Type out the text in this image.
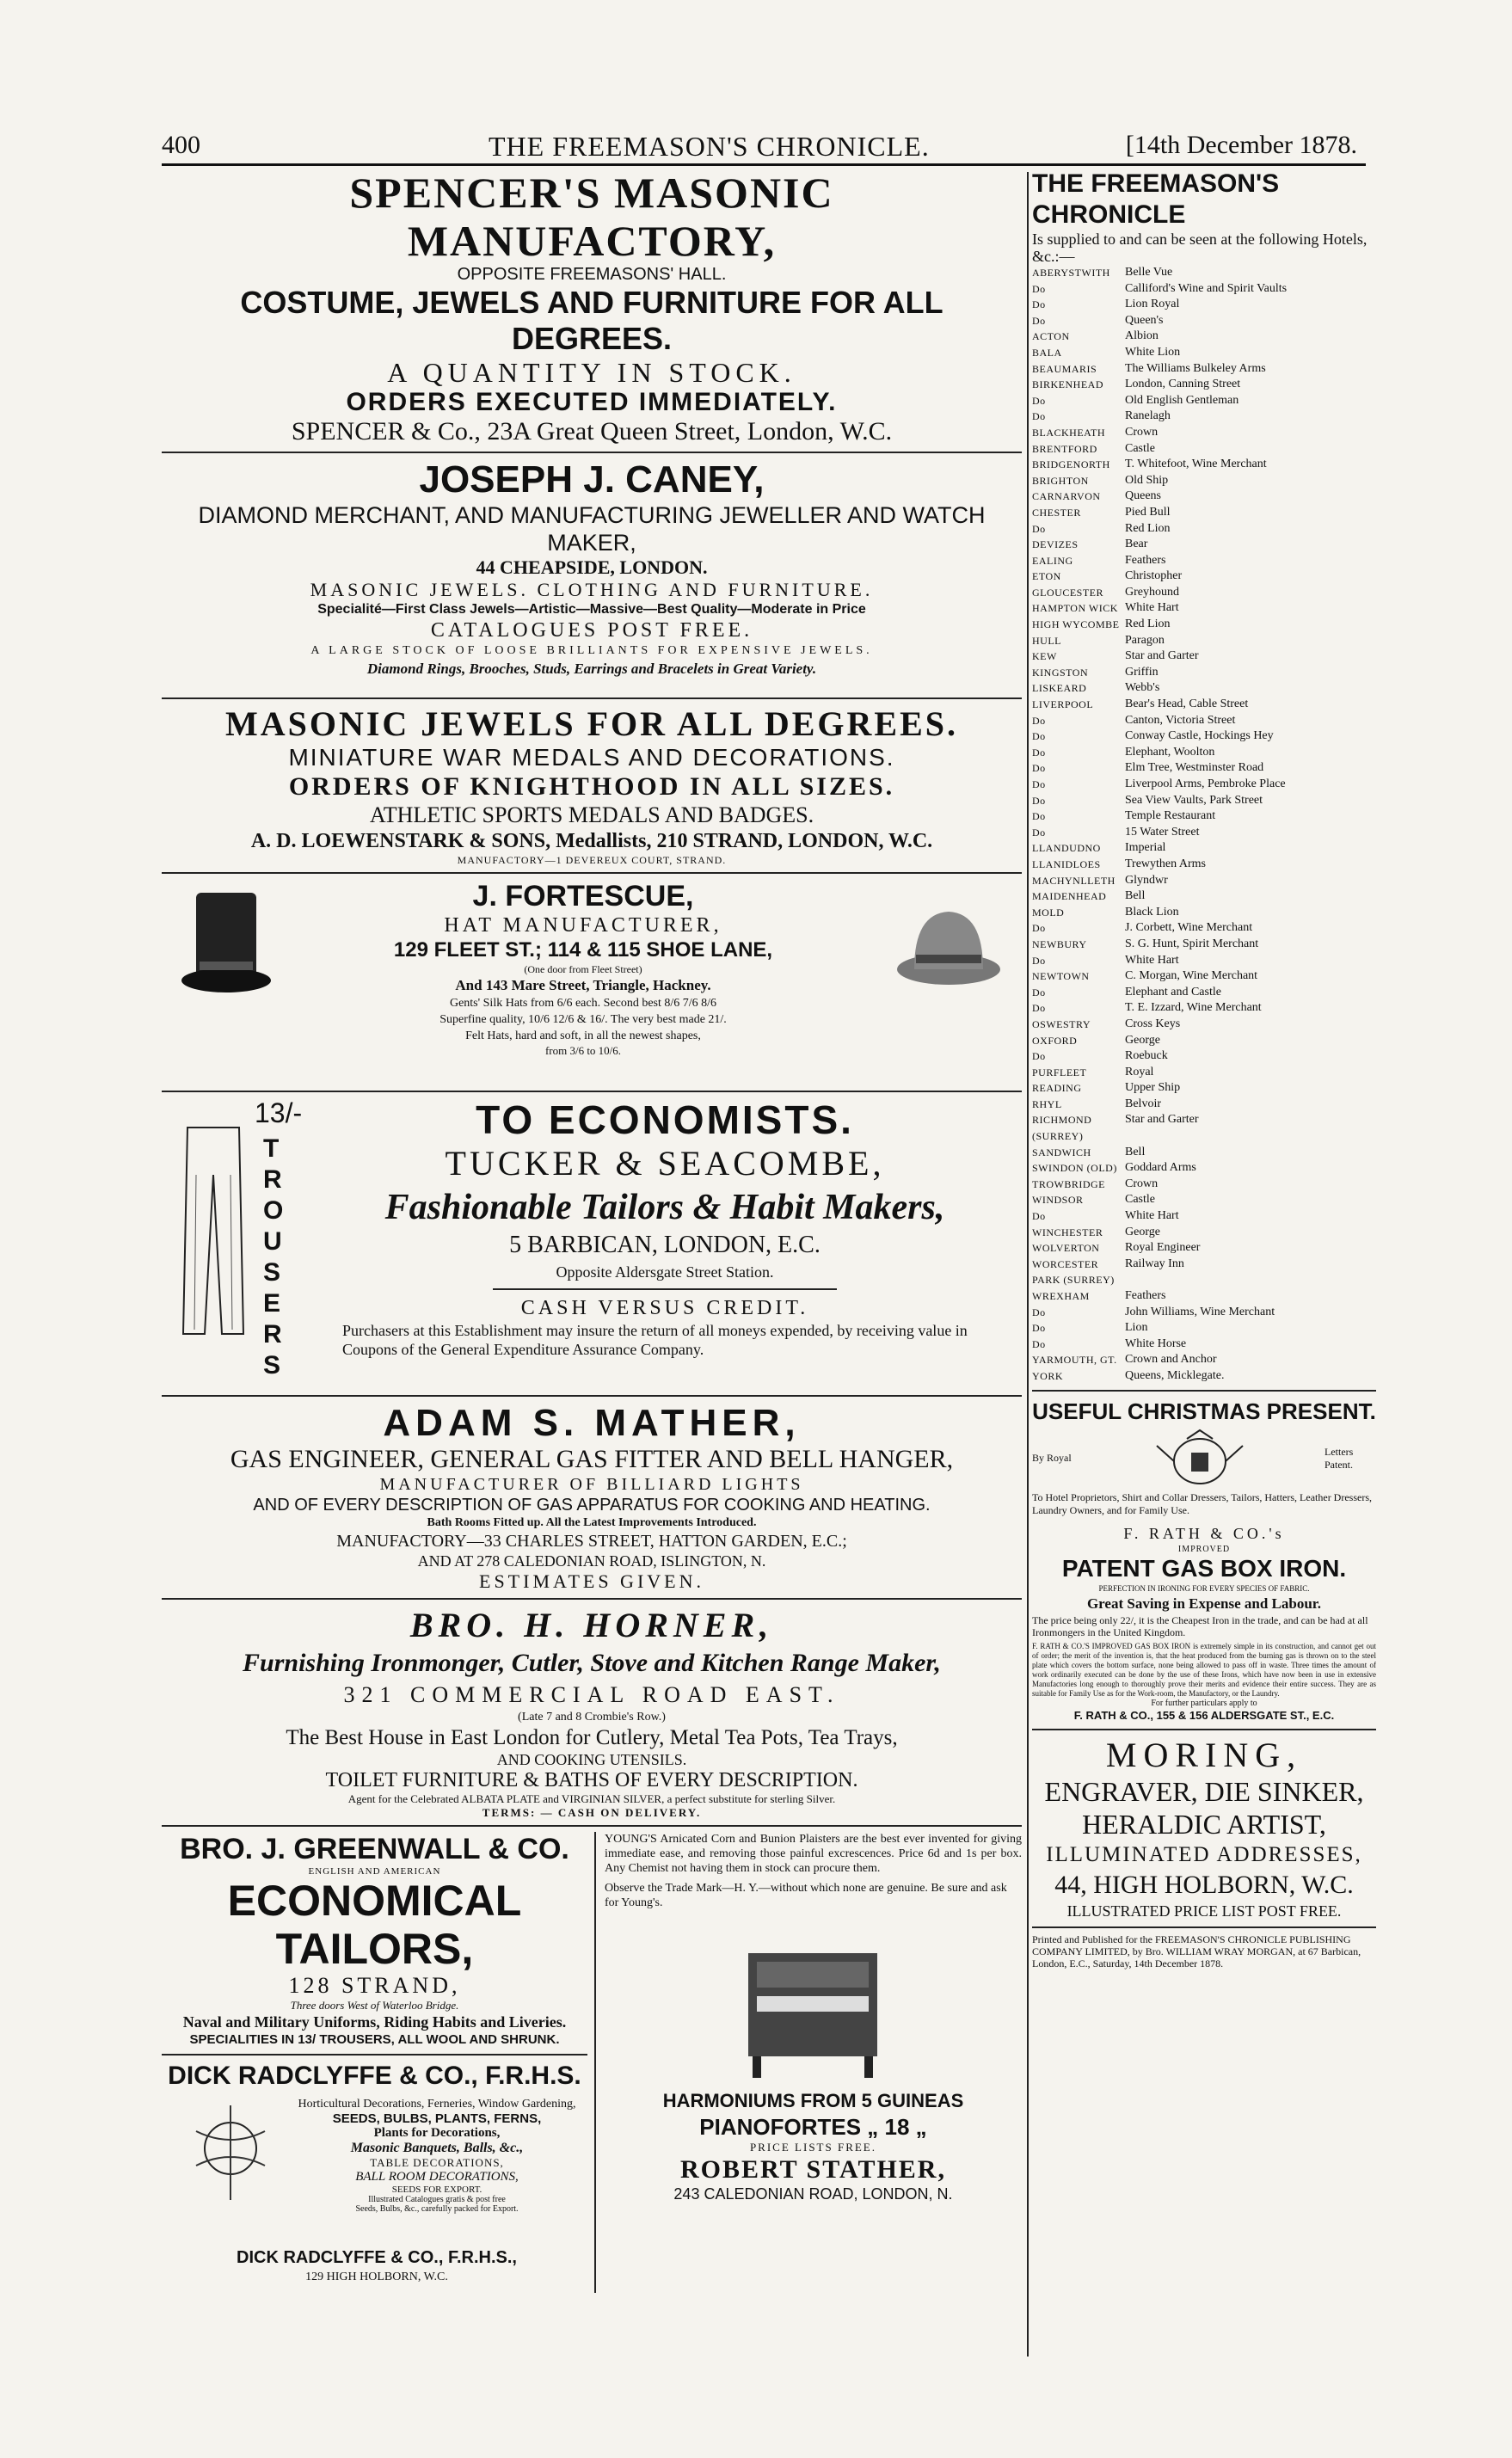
400	THE FREEMASON'S CHRONICLE.	[14th December 1878.

SPENCER'S MASONIC MANUFACTORY,

OPPOSITE FREEMASONS' HALL.

COSTUME, JEWELS AND FURNITURE FOR ALL DEGREES.

A QUANTITY IN STOCK.

ORDERS EXECUTED IMMEDIATELY.

SPENCER & Co., 23A Great Queen Street, London, W.C.

JOSEPH J. CANEY,

DIAMOND MERCHANT, AND MANUFACTURING JEWELLER AND WATCH MAKER,

44 CHEAPSIDE, LONDON.

MASONIC JEWELS. CLOTHING AND FURNITURE.

Specialité—First Class Jewels—Artistic—Massive—Best Quality—Moderate in Price

CATALOGUES POST FREE.

A LARGE STOCK OF LOOSE BRILLIANTS FOR EXPENSIVE JEWELS.

Diamond Rings, Brooches, Studs, Earrings and Bracelets in Great Variety.

MASONIC JEWELS FOR ALL DEGREES.

MINIATURE WAR MEDALS AND DECORATIONS.

ORDERS OF KNIGHTHOOD IN ALL SIZES.

ATHLETIC SPORTS MEDALS AND BADGES.

A. D. LOEWENSTARK & SONS, Medallists, 210 STRAND, LONDON, W.C.

MANUFACTORY—1 DEVEREUX COURT, STRAND.

J. FORTESCUE,

HAT MANUFACTURER,

129 FLEET ST.; 114 & 115 SHOE LANE,

(One door from Fleet Street)

And 143 Mare Street, Triangle, Hackney.

Gents' Silk Hats from 6/6 each. Second best 8/6 7/6 8/6

Superfine quality, 10/6 12/6 & 16/. The very best made 21/.

Felt Hats, hard and soft, in all the newest shapes,

from 3/6 to 10/6.

13/-

T
R
O
U
S
E
R
S

TO ECONOMISTS.

TUCKER & SEACOMBE,

Fashionable Tailors & Habit Makers,

5 BARBICAN, LONDON, E.C.

Opposite Aldersgate Street Station.

CASH VERSUS CREDIT.

Purchasers at this Establishment may insure the return of all moneys expended, by receiving value in Coupons of the General Expenditure Assurance Company.

ADAM S. MATHER,

GAS ENGINEER, GENERAL GAS FITTER AND BELL HANGER,

MANUFACTURER OF BILLIARD LIGHTS

AND OF EVERY DESCRIPTION OF GAS APPARATUS FOR COOKING AND HEATING.

Bath Rooms Fitted up. All the Latest Improvements Introduced.

MANUFACTORY—33 CHARLES STREET, HATTON GARDEN, E.C.;

AND AT 278 CALEDONIAN ROAD, ISLINGTON, N.

ESTIMATES GIVEN.

BRO. H. HORNER,

Furnishing Ironmonger, Cutler, Stove and Kitchen Range Maker,

321 COMMERCIAL ROAD EAST.

(Late 7 and 8 Crombie's Row.)

The Best House in East London for Cutlery, Metal Tea Pots, Tea Trays,

AND COOKING UTENSILS.

TOILET FURNITURE & BATHS OF EVERY DESCRIPTION.

Agent for the Celebrated ALBATA PLATE and VIRGINIAN SILVER, a perfect substitute for sterling Silver.

TERMS: — CASH ON DELIVERY.

BRO. J. GREENWALL & CO.

ENGLISH AND AMERICAN

ECONOMICAL TAILORS,

128 STRAND,

Three doors West of Waterloo Bridge.

Naval and Military Uniforms, Riding Habits and Liveries.

SPECIALITIES IN 13/ TROUSERS, ALL WOOL AND SHRUNK.

DICK RADCLYFFE & CO., F.R.H.S.

Horticultural Decorations, Ferneries, Window Gardening,

SEEDS, BULBS, PLANTS, FERNS,

Plants for Decorations,

Masonic Banquets, Balls, &c.,

TABLE DECORATIONS,

BALL ROOM DECORATIONS,

SEEDS FOR EXPORT.

Illustrated Catalogues gratis & post free

Seeds, Bulbs, &c., carefully packed for Export.

DICK RADCLYFFE & CO., F.R.H.S.,

129 HIGH HOLBORN, W.C.

YOUNG'S Arnicated Corn and Bunion Plaisters are the best ever invented for giving immediate ease, and removing those painful excrescences. Price 6d and 1s per box. Any Chemist not having them in stock can procure them.

Observe the Trade Mark—H. Y.—without which none are genuine. Be sure and ask for Young's.

HARMONIUMS FROM 5 GUINEAS

PIANOFORTES „ 18 „

PRICE LISTS FREE.

ROBERT STATHER,

243 CALEDONIAN ROAD, LONDON, N.

THE FREEMASON'S CHRONICLE

Is supplied to and can be seen at the following Hotels, &c.:—

ABERYSTWITH	Belle Vue
Do	Calliford's Wine and Spirit Vaults
Do	Lion Royal
Do	Queen's
ACTON	Albion
BALA	White Lion
BEAUMARIS	The Williams Bulkeley Arms
BIRKENHEAD	London, Canning Street
Do	Old English Gentleman
Do	Ranelagh
BLACKHEATH	Crown
BRENTFORD	Castle
BRIDGENORTH	T. Whitefoot, Wine Merchant
BRIGHTON	Old Ship
CARNARVON	Queens
CHESTER	Pied Bull
Do	Red Lion
DEVIZES	Bear
EALING	Feathers
ETON	Christopher
GLOUCESTER	Greyhound
HAMPTON WICK White Hart
HIGH WYCOMBE Red Lion
HULL	Paragon
KEW	Star and Garter
KINGSTON	Griffin
LISKEARD	Webb's
LIVERPOOL	Bear's Head, Cable Street
Do	Canton, Victoria Street
Do	Conway Castle, Hockings Hey
Do	Elephant, Woolton
Do	Elm Tree, Westminster Road
Do	Liverpool Arms, Pembroke Place
Do	Sea View Vaults, Park Street
Do	Temple Restaurant
Do	15 Water Street
LLANDUDNO	Imperial
LLANIDLOES	Trewythen Arms
MACHYNLLETH Glyndwr
MAIDENHEAD	Bell
MOLD	Black Lion
Do	J. Corbett, Wine Merchant
NEWBURY	S. G. Hunt, Spirit Merchant
Do	White Hart
NEWTOWN	C. Morgan, Wine Merchant
Do	Elephant and Castle
Do	T. E. Izzard, Wine Merchant
OSWESTRY	Cross Keys
OXFORD	George
Do	Roebuck
PURFLEET	Royal
READING	Upper Ship
RHYL	Belvoir
RICHMOND (SURREY)
Star and Garter
SANDWICH	Bell
SWINDON (OLD) Goddard Arms
TROWBRIDGE	Crown
WINDSOR	Castle
Do	White Hart
WINCHESTER	George
WOLVERTON	Royal Engineer
WORCESTER PARK (SURREY)
Railway Inn
WREXHAM	Feathers
Do	John Williams, Wine Merchant
Do	Lion
Do	White Horse
YARMOUTH, GT. Crown and Anchor
YORK	Queens, Micklegate.

USEFUL CHRISTMAS PRESENT.

By Royal

Letters Patent.

To Hotel Proprietors, Shirt and Collar Dressers, Tailors, Hatters, Leather Dressers, Laundry Owners, and for Family Use.

F. RATH & CO.'s

IMPROVED

PATENT GAS BOX IRON.

PERFECTION IN IRONING FOR EVERY SPECIES OF FABRIC.

Great Saving in Expense and Labour.

The price being only 22/, it is the Cheapest Iron in the trade, and can be had at all Ironmongers in the United Kingdom.

F. RATH & CO.'S IMPROVED GAS BOX IRON is extremely simple in its construction, and cannot get out of order; the merit of the invention is, that the heat produced from the burning gas is thrown on to the steel plate which covers the bottom surface, none being allowed to pass off in waste. Three times the amount of work ordinarily executed can be done by the use of these Irons, which have now been in use in extensive Manufactories long enough to thoroughly prove their merits and evidence their entire success. They are as suitable for Family Use as for the Work-room, the Manufactory, or the Laundry.

For further particulars apply to

F. RATH & CO., 155 & 156 ALDERSGATE ST., E.C.

MORING,

ENGRAVER, DIE SINKER,

HERALDIC ARTIST,

ILLUMINATED ADDRESSES,

44, HIGH HOLBORN, W.C.

ILLUSTRATED PRICE LIST POST FREE.

Printed and Published for the FREEMASON'S CHRONICLE PUBLISHING COMPANY LIMITED, by Bro. WILLIAM WRAY MORGAN, at 67 Barbican, London, E.C., Saturday, 14th December 1878.
